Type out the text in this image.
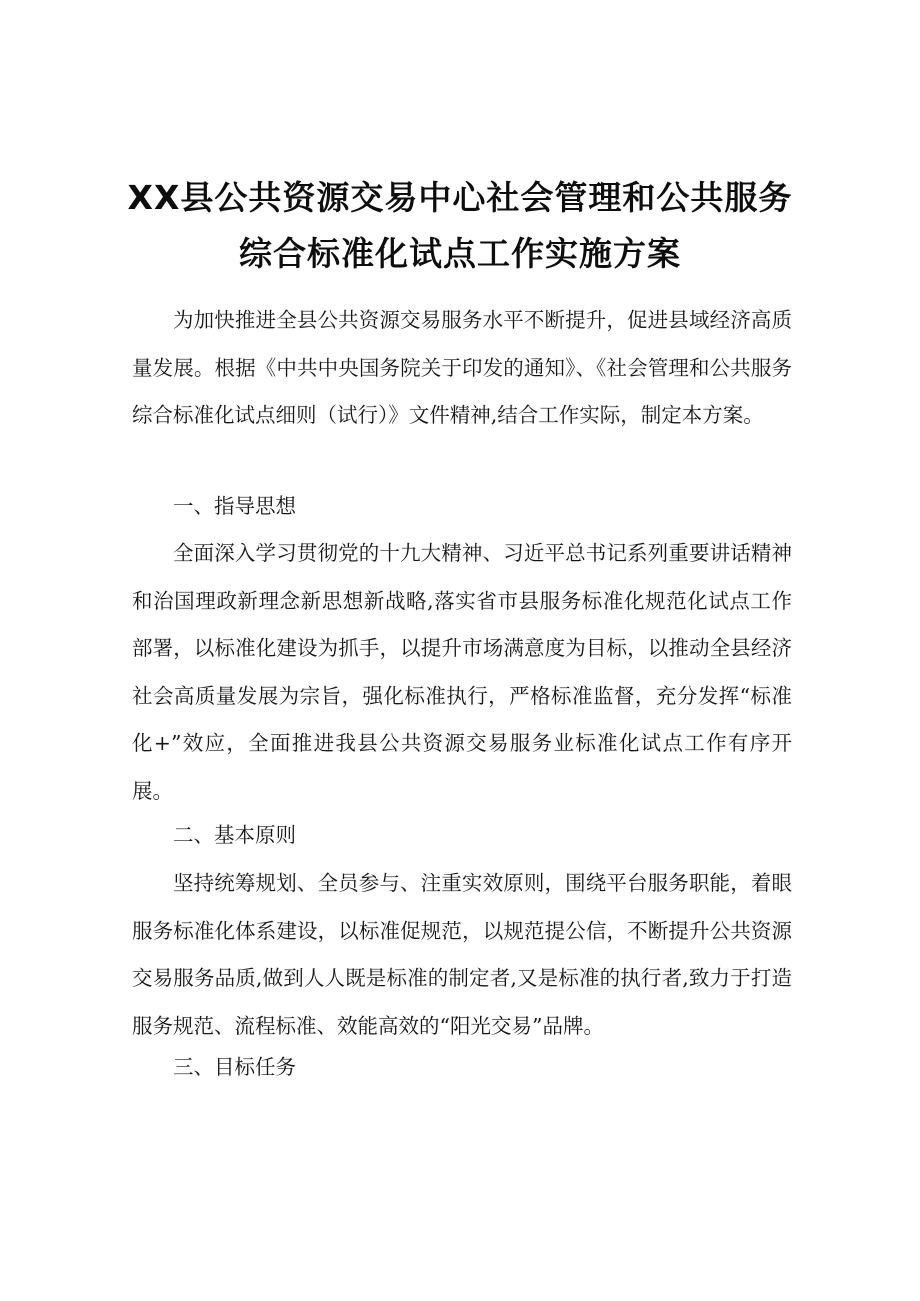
XX县公共资源交易中心社会管理和公共服务
综合标准化试点工作实施方案

为加快推进全县公共资源交易服务水平不断提升，促进县域经济高质量发展。根据《中共中央国务院关于印发的通知》、《社会管理和公共服务综合标准化试点细则（试行）》文件精神,结合工作实际，制定本方案。

一、指导思想

全面深入学习贯彻党的十九大精神、习近平总书记系列重要讲话精神和治国理政新理念新思想新战略,落实省市县服务标准化规范化试点工作部署，以标准化建设为抓手，以提升市场满意度为目标，以推动全县经济社会高质量发展为宗旨，强化标准执行，严格标准监督，充分发挥“标准化+”效应，全面推进我县公共资源交易服务业标准化试点工作有序开展。

二、基本原则

坚持统筹规划、全员参与、注重实效原则，围绕平台服务职能，着眼服务标准化体系建设，以标准促规范，以规范提公信，不断提升公共资源交易服务品质,做到人人既是标准的制定者,又是标准的执行者,致力于打造服务规范、流程标准、效能高效的“阳光交易”品牌。

三、目标任务
